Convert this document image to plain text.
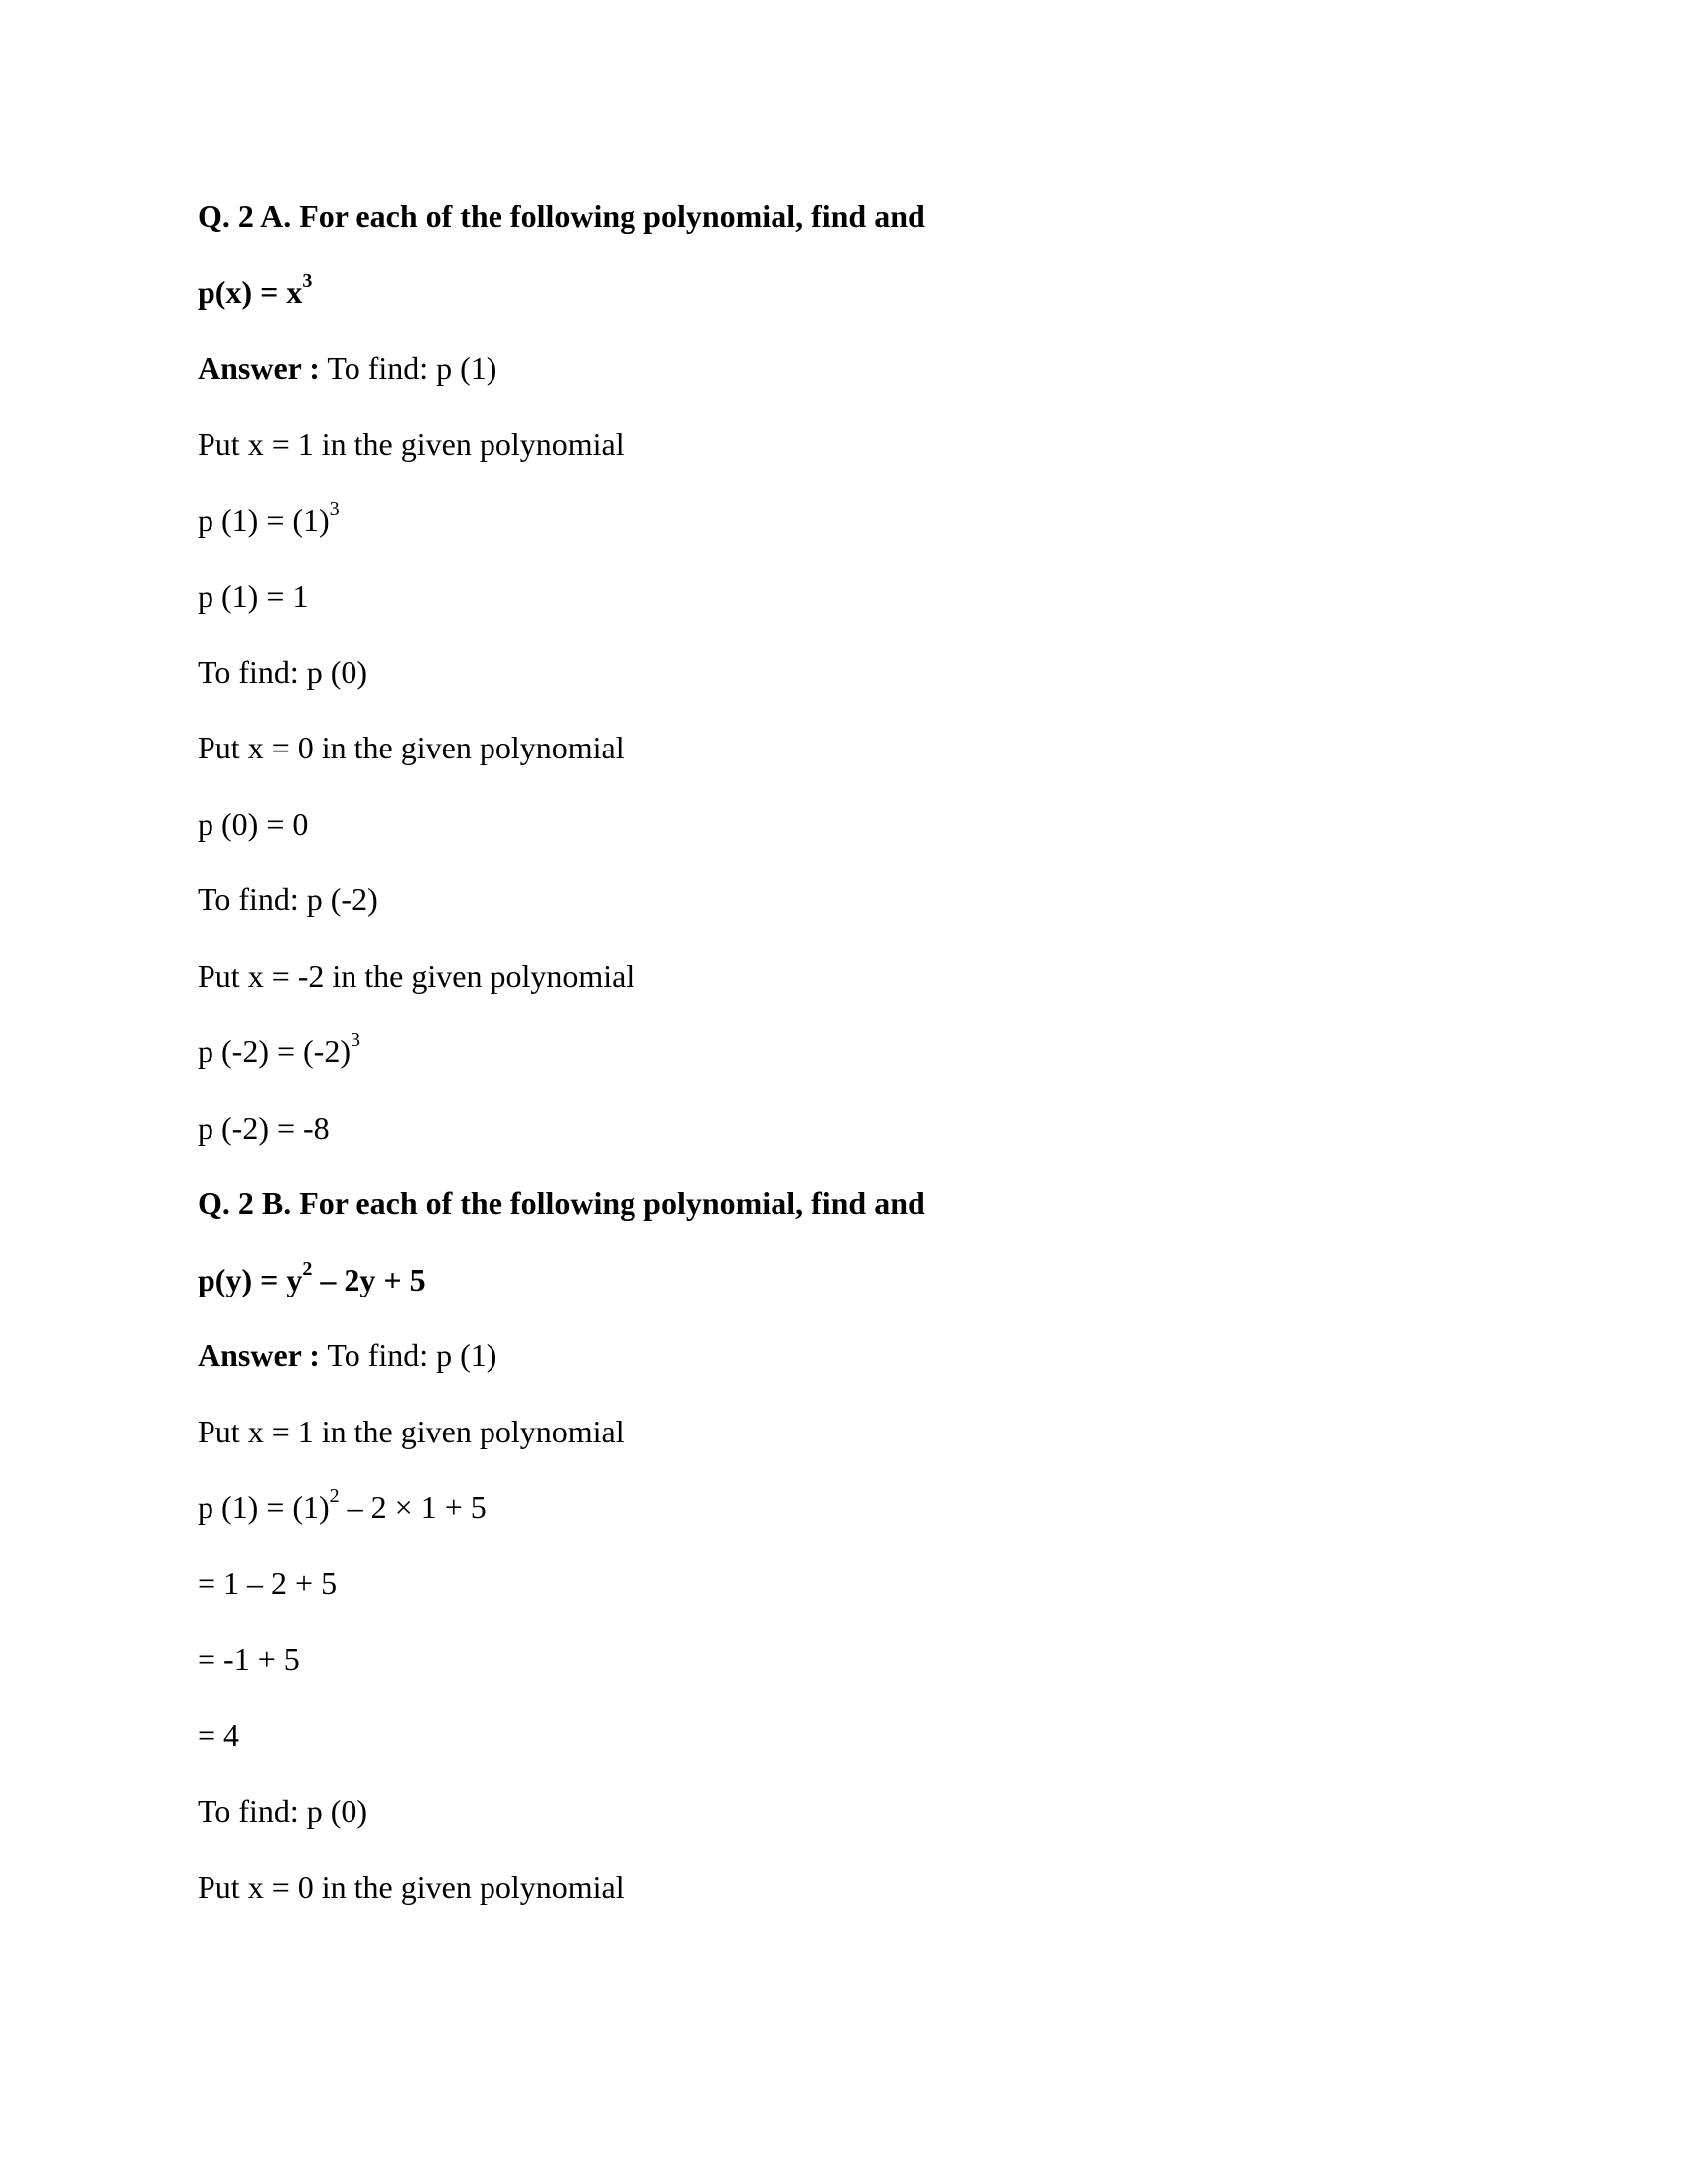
Q. 2 A. For each of the following polynomial, find and
$p(x) = x^3$
Answer : To find: p (1)
Put x = 1 in the given polynomial
p $(1) = (1)^3$
p (1) = 1
To find: p (0)
Put x = 0 in the given polynomial
p (0) = 0
To find: p (-2)
Put x = -2 in the given polynomial
p $(-2) = (-2)^3$
p (-2) = -8
Q. 2 B. For each of the following polynomial, find and
$p(y) = y^2 - 2y + 5$
Answer : To find: p (1)
Put x = 1 in the given polynomial
p $(1) = (1)^2 - 2 \times 1 + 5$
= 1 – 2 + 5
= -1 + 5
= 4
To find: p (0)
Put x = 0 in the given polynomial
